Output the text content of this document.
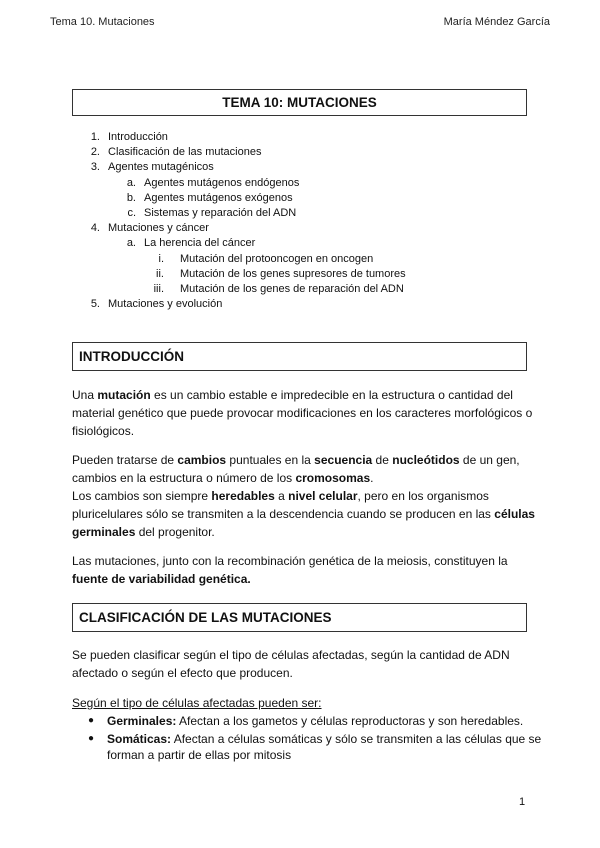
Tema 10. Mutaciones	María Méndez García
TEMA 10: MUTACIONES
1. Introducción
2. Clasificación de las mutaciones
3. Agentes mutagénicos
a. Agentes mutágenos endógenos
b. Agentes mutágenos exógenos
c. Sistemas y reparación del ADN
4. Mutaciones y cáncer
a. La herencia del cáncer
i. Mutación del protooncogen en oncogen
ii. Mutación de los genes supresores de tumores
iii. Mutación de los genes de reparación del ADN
5. Mutaciones y evolución
INTRODUCCIÓN
Una mutación es un cambio estable e impredecible en la estructura o cantidad del material genético que puede provocar modificaciones en los caracteres morfológicos o fisiológicos.
Pueden tratarse de cambios puntuales en la secuencia de nucleótidos de un gen, cambios en la estructura o número de los cromosomas.
Los cambios son siempre heredables a nivel celular, pero en los organismos pluricelulares sólo se transmiten a la descendencia cuando se producen en las células germinales del progenitor.
Las mutaciones, junto con la recombinación genética de la meiosis, constituyen la fuente de variabilidad genética.
CLASIFICACIÓN DE LAS MUTACIONES
Se pueden clasificar según el tipo de células afectadas, según la cantidad de ADN afectado o según el efecto que producen.
Según el tipo de células afectadas pueden ser:
● Germinales: Afectan a los gametos y células reproductoras y son heredables.
● Somáticas: Afectan a células somáticas y sólo se transmiten a las células que se forman a partir de ellas por mitosis
1
